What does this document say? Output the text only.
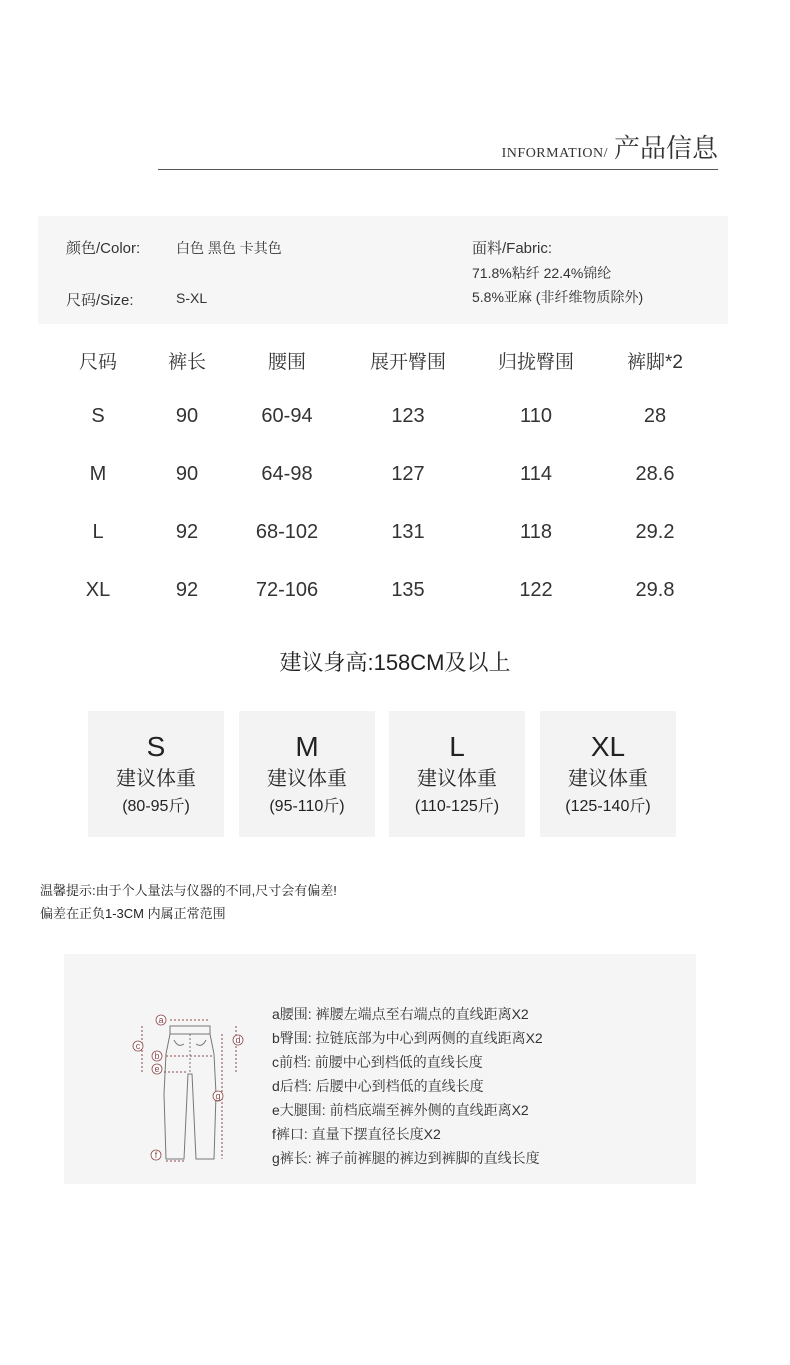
INFORMATION/ 产品信息
颜色/Color:	白色 黑色 卡其色
尺码/Size:	S-XL
面料/Fabric:
71.8%粘纤 22.4%锦纶
5.8%亚麻 (非纤维物质除外)
尺码	裤长	腰围	展开臀围	归拢臀围	裤脚*2
S	90	60-94	123	110	28
M	90	64-98	127	114	28.6
L	92	68-102	131	118	29.2
XL	92	72-106	135	122	29.8
建议身高:158CM及以上
S
建议体重
(80-95斤)
M
建议体重
(95-110斤)
L
建议体重
(110-125斤)
XL
建议体重
(125-140斤)
温馨提示:由于个人量法与仪器的不同,尺寸会有偏差!
偏差在正负1-3CM 内属正常范围
a
b
c
d
e
f
g
a腰围: 裤腰左端点至右端点的直线距离X2
b臀围: 拉链底部为中心到两侧的直线距离X2
c前档: 前腰中心到档低的直线长度
d后档: 后腰中心到档低的直线长度
e大腿围: 前档底端至裤外侧的直线距离X2
f裤口: 直量下摆直径长度X2
g裤长: 裤子前裤腿的裤边到裤脚的直线长度
